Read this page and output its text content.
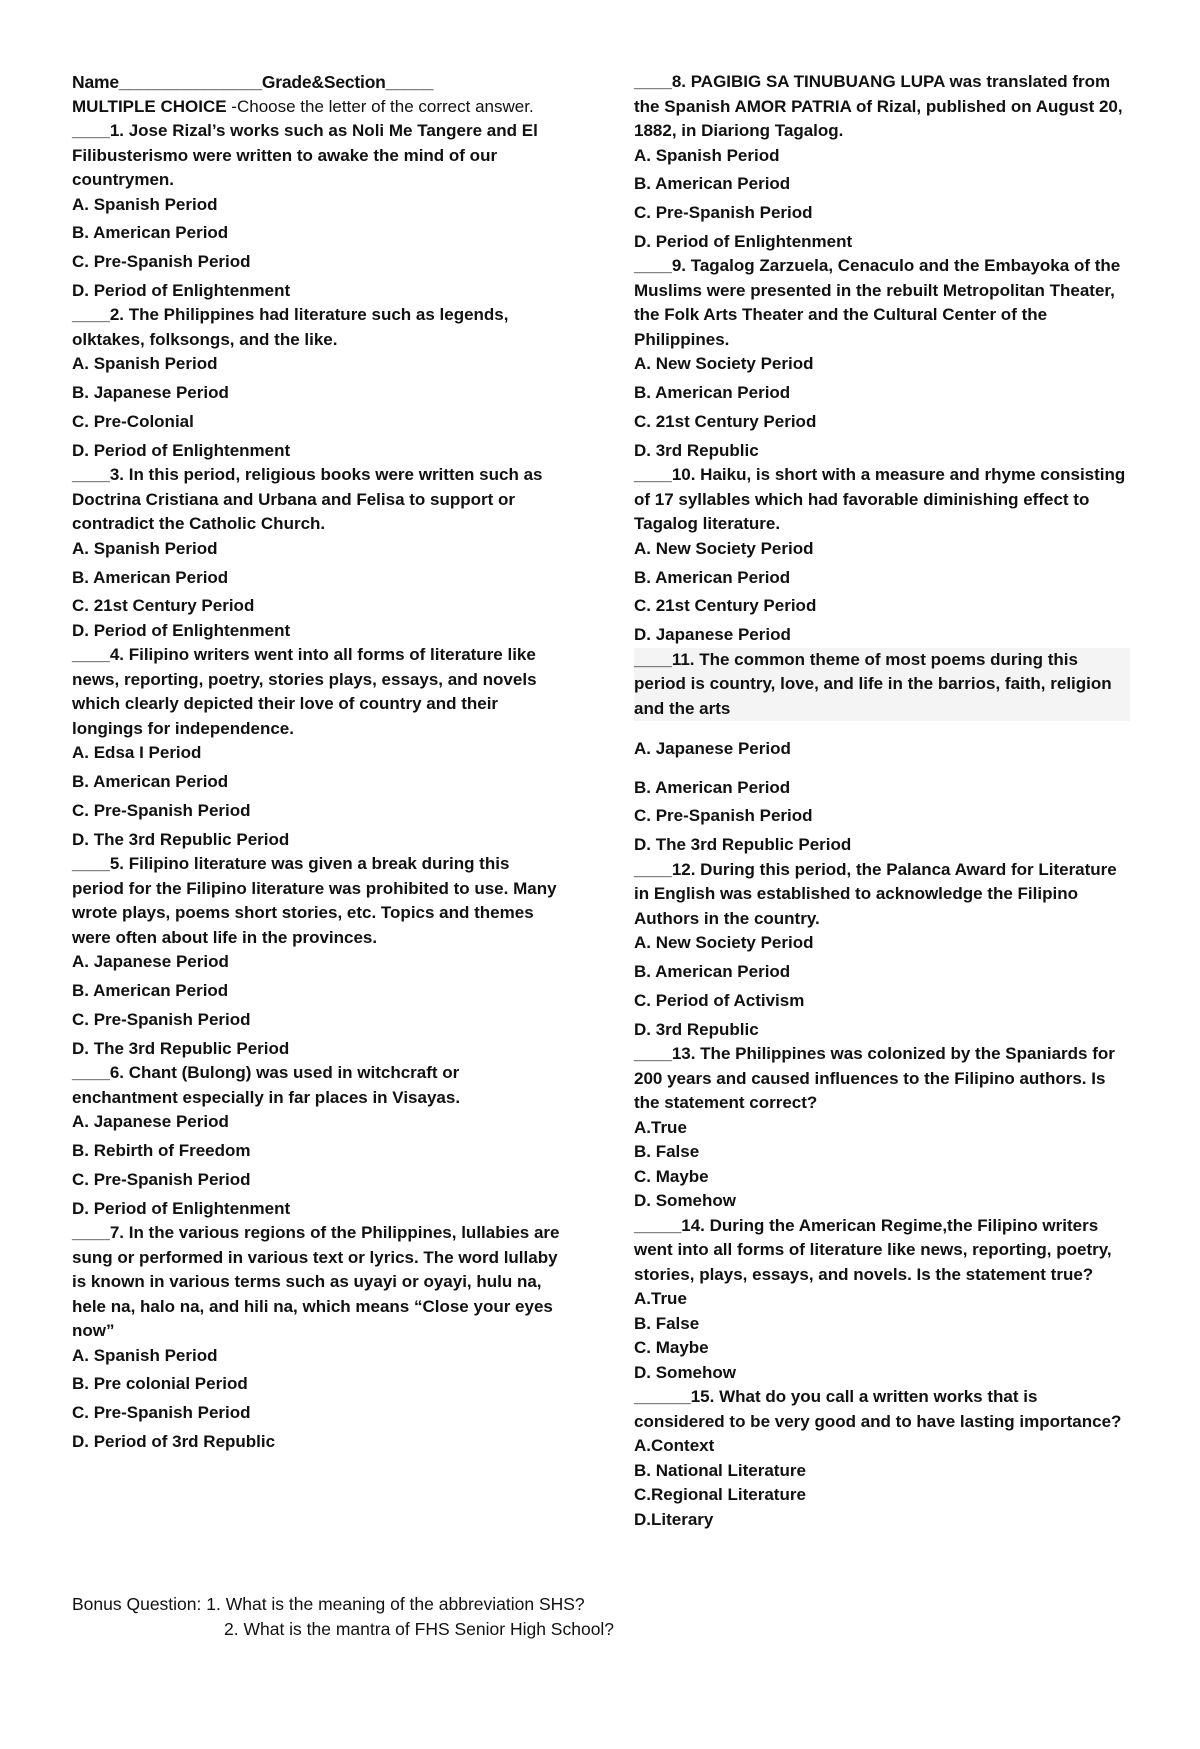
Name_______________Grade&Section_____
MULTIPLE CHOICE -Choose the letter of the correct answer.
____1. Jose Rizal’s works such as Noli Me Tangere and El Filibusterismo were written to awake the mind of our countrymen.
A. Spanish Period
B. American Period
C. Pre-Spanish Period
D. Period of Enlightenment
____2. The Philippines had literature such as legends, olktakes, folksongs, and the like.
A. Spanish Period
B. Japanese Period
C. Pre-Colonial
D. Period of Enlightenment
____3. In this period, religious books were written such as Doctrina Cristiana and Urbana and Felisa to support or contradict the Catholic Church.
A. Spanish Period
B. American Period
C. 21st Century Period
D. Period of Enlightenment
____4. Filipino writers went into all forms of literature like news, reporting, poetry, stories plays, essays, and novels which clearly depicted their love of country and their longings for independence.
A. Edsa I Period
B. American Period
C. Pre-Spanish Period
D. The 3rd Republic Period
____5. Filipino literature was given a break during this period for the Filipino literature was prohibited to use. Many wrote plays, poems short stories, etc. Topics and themes were often about life in the provinces.
A. Japanese Period
B. American Period
C. Pre-Spanish Period
D. The 3rd Republic Period
____6. Chant (Bulong) was used in witchcraft or enchantment especially in far places in Visayas.
A. Japanese Period
B. Rebirth of Freedom
C. Pre-Spanish Period
D. Period of Enlightenment
____7. In the various regions of the Philippines, lullabies are sung or performed in various text or lyrics. The word lullaby is known in various terms such as uyayi or oyayi, hulu na, hele na, halo na, and hili na, which means “Close your eyes now”
A. Spanish Period
B. Pre colonial Period
C. Pre-Spanish Period
D. Period of 3rd Republic
____8. PAGIBIG SA TINUBUANG LUPA was translated from the Spanish AMOR PATRIA of Rizal, published on August 20, 1882, in Diariong Tagalog.
A. Spanish Period
B. American Period
C. Pre-Spanish Period
D. Period of Enlightenment
____9. Tagalog Zarzuela, Cenaculo and the Embayoka of the Muslims were presented in the rebuilt Metropolitan Theater, the Folk Arts Theater and the Cultural Center of the Philippines.
A. New Society Period
B. American Period
C. 21st Century Period
D. 3rd Republic
____10. Haiku, is short with a measure and rhyme consisting of 17 syllables which had favorable diminishing effect to Tagalog literature.
A. New Society Period
B. American Period
C. 21st Century Period
D. Japanese Period
____11. The common theme of most poems during this period is country, love, and life in the barrios, faith, religion and the arts
A. Japanese Period
B. American Period
C. Pre-Spanish Period
D. The 3rd Republic Period
____12. During this period, the Palanca Award for Literature in English was established to acknowledge the Filipino Authors in the country.
A. New Society Period
B. American Period
C. Period of Activism
D. 3rd Republic
____13. The Philippines was colonized by the Spaniards for 200 years and caused influences to the Filipino authors. Is the statement correct?
A.True
B. False
C. Maybe
D. Somehow
_____14. During the American Regime,the Filipino writers went into all forms of literature like news, reporting, poetry, stories, plays, essays, and novels. Is the statement true?
A.True
B. False
C. Maybe
D. Somehow
______15. What do you call a written works that is considered to be very good and to have lasting importance?
A.Context
B. National Literature
C.Regional Literature
D.Literary
Bonus Question: 1. What is the meaning of the abbreviation SHS?
2. What is the mantra of FHS Senior High School?
